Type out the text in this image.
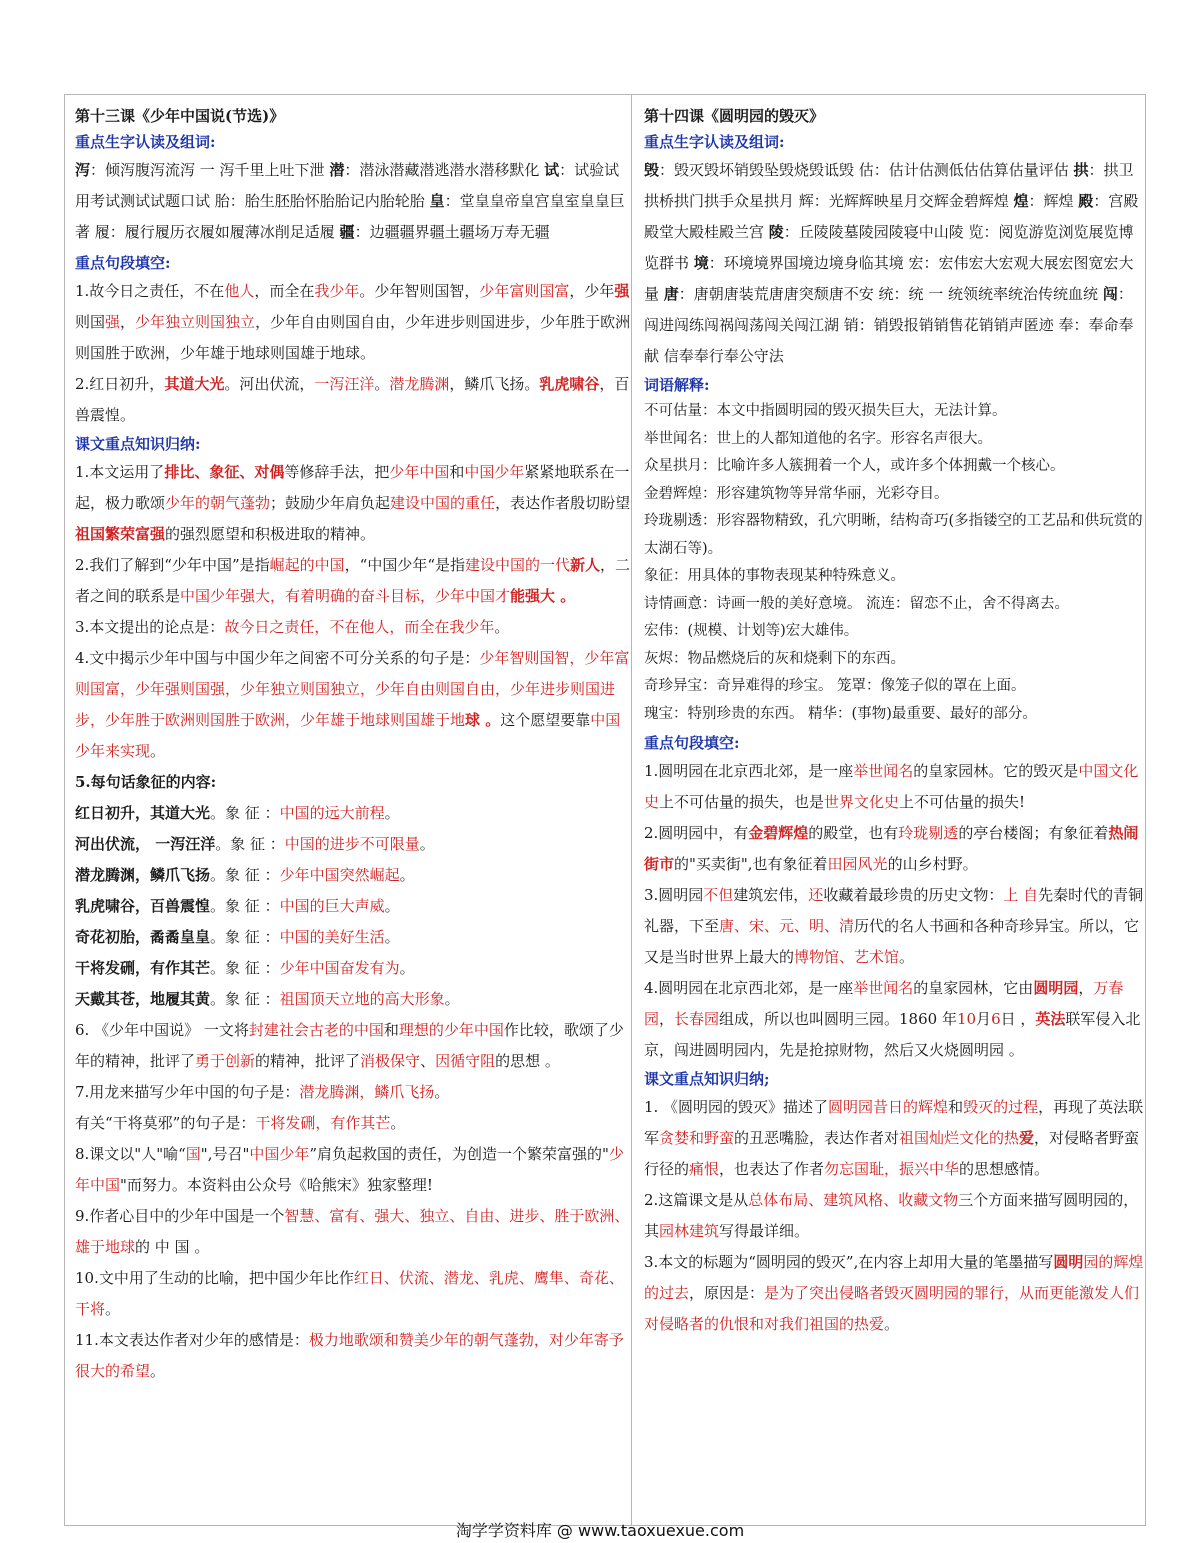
第十三课《少年中国说(节选)》
重点生字认读及组词:

泻：倾泻腹泻流泻 一 泻千里上吐下泄 潜：潜泳潜藏潜逃潜水潜移默化 试：试验试用考试测试试题口试 胎：胎生胚胎怀胎胎记内胎轮胎 皇：堂皇皇帝皇宫皇室皇皇巨著 履：履行履历衣履如履薄冰削足适履 疆：边疆疆界疆土疆场万寿无疆

重点句段填空:

1.故今日之责任，不在他人，而全在我少年。少年智则国智，少年富则国富，少年强则国强，少年独立则国独立，少年自由则国自由，少年进步则国进步，少年胜于欧洲则国胜于欧洲，少年雄于地球则国雄于地球。

2.红日初升，其道大光。河出伏流，一泻汪洋。潜龙腾渊，鳞爪飞扬。乳虎啸谷，百兽震惶。

课文重点知识归纳:

1.本文运用了排比、象征、对偶等修辞手法，把少年中国和中国少年紧紧地联系在一起，极力歌颂少年的朝气蓬勃；鼓励少年肩负起建设中国的重任，表达作者殷切盼望祖国繁荣富强的强烈愿望和积极进取的精神。

2.我们了解到“少年中国”是指崛起的中国，“中国少年“是指建设中国的一代新人，二者之间的联系是中国少年强大，有着明确的奋斗目标，少年中国才能强大 。

3.本文提出的论点是：故今日之责任，不在他人，而全在我少年。

4.文中揭示少年中国与中国少年之间密不可分关系的句子是：少年智则国智，少年富则国富，少年强则国强，少年独立则国独立，少年自由则国自由，少年进步则国进步，少年胜于欧洲则国胜于欧洲，少年雄于地球则国雄于地球 。这个愿望要靠中国少年来实现。

5.每句话象征的内容:

红日初升，其道大光。象 征 ：中国的远大前程。

河出伏流， 一泻汪洋。象 征 ：中国的进步不可限量。

潜龙腾渊，鳞爪飞扬。象 征 ：少年中国突然崛起。

乳虎啸谷，百兽震惶。象 征 ：中国的巨大声威。

奇花初胎，矞矞皇皇。象 征 ：中国的美好生活。

干将发硎，有作其芒。象 征 ：少年中国奋发有为。

天戴其苍，地履其黄。象 征 ：祖国顶天立地的高大形象。

6. 《少年中国说》 一文将封建社会古老的中国和理想的少年中国作比较，歌颂了少年的精神，批评了勇于创新的精神，批评了消极保守、因循守阻的思想 。

7.用龙来描写少年中国的句子是：潜龙腾渊，鳞爪飞扬。

有关“干将莫邪”的句子是：干将发硎，有作其芒。

8.课文以"人"喻“国",号召"中国少年”肩负起救国的责任，为创造一个繁荣富强的"少年中国"而努力。本资料由公众号《哈熊宋》独家整理!

9.作者心目中的少年中国是一个智慧、富有、强大、独立、自由、进步、胜于欧洲、雄于地球的 中 国 。

10.文中用了生动的比喻，把中国少年比作红日、伏流、潜龙、乳虎、鹰隼、奇花、干将。

11.本文表达作者对少年的感情是：极力地歌颂和赞美少年的朝气蓬勃，对少年寄予很大的希望。

第十四课《圆明园的毁灭》
重点生字认读及组词:

毁：毁灭毁坏销毁坠毁烧毁诋毁 估：估计估测低估估算估量评估 拱：拱卫拱桥拱门拱手众星拱月 辉：光辉辉映星月交辉金碧辉煌 煌：辉煌 殿：宫殿殿堂大殿桂殿兰宫 陵：丘陵陵墓陵园陵寝中山陵 览：阅览游览浏览展览博览群书 境：环境境界国境边境身临其境 宏：宏伟宏大宏观大展宏图宽宏大量 唐：唐朝唐装荒唐唐突颓唐不安 统：统 一 统领统率统治传统血统 闯：闯进闯练闯祸闯荡闯关闯江湖 销：销毁报销销售花销销声匿迹 奉：奉命奉献 信奉奉行奉公守法

词语解释:

不可估量：本文中指圆明园的毁灭损失巨大，无法计算。

举世闻名：世上的人都知道他的名字。形容名声很大。

众星拱月：比喻许多人簇拥着一个人，或许多个体拥戴一个核心。

金碧辉煌：形容建筑物等异常华丽，光彩夺目。

玲珑剔透：形容器物精致，孔穴明晰，结构奇巧(多指镂空的工艺品和供玩赏的太湖石等)。

象征：用具体的事物表现某种特殊意义。

诗情画意：诗画一般的美好意境。 流连：留恋不止，舍不得离去。

宏伟：(规模、计划等)宏大雄伟。

灰烬：物品燃烧后的灰和烧剩下的东西。

奇珍异宝：奇异难得的珍宝。 笼罩：像笼子似的罩在上面。

瑰宝：特别珍贵的东西。 精华：(事物)最重要、最好的部分。

重点句段填空:

1.圆明园在北京西北郊，是一座举世闻名的皇家园林。它的毁灭是中国文化史上不可估量的损失，也是世界文化史上不可估量的损失!

2.圆明园中，有金碧辉煌的殿堂，也有玲珑剔透的亭台楼阁；有象征着热闹街市的"买卖街",也有象征着田园风光的山乡村野。

3.圆明园不但建筑宏伟，还收藏着最珍贵的历史文物：上 自先秦时代的青铜礼器，下至唐、宋、元、明、清历代的名人书画和各种奇珍异宝。所以，它又是当时世界上最大的博物馆、艺术馆。

4.圆明园在北京西北郊，是一座举世闻名的皇家园林，它由圆明园，万春园，长春园组成，所以也叫圆明三园。1860 年10月6日 ，英法联军侵入北京，闯进圆明园内，先是抢掠财物，然后又火烧圆明园 。

课文重点知识归纳;

1. 《圆明园的毁灭》描述了圆明园昔日的辉煌和毁灭的过程，再现了英法联军贪婪和野蛮的丑恶嘴脸，表达作者对祖国灿烂文化的热爱，对侵略者野蛮行径的痛恨，也表达了作者勿忘国耻，振兴中华的思想感情。

2.这篇课文是从总体布局、建筑风格、收藏文物三个方面来描写圆明园的，其园林建筑写得最详细。

3.本文的标题为“圆明园的毁灭”,在内容上却用大量的笔墨描写圆明园的辉煌的过去，原因是：是为了突出侵略者毁灭圆明园的罪行，从而更能激发人们对侵略者的仇恨和对我们祖国的热爱。

淘学学资料库 @ www.taoxuexue.com
